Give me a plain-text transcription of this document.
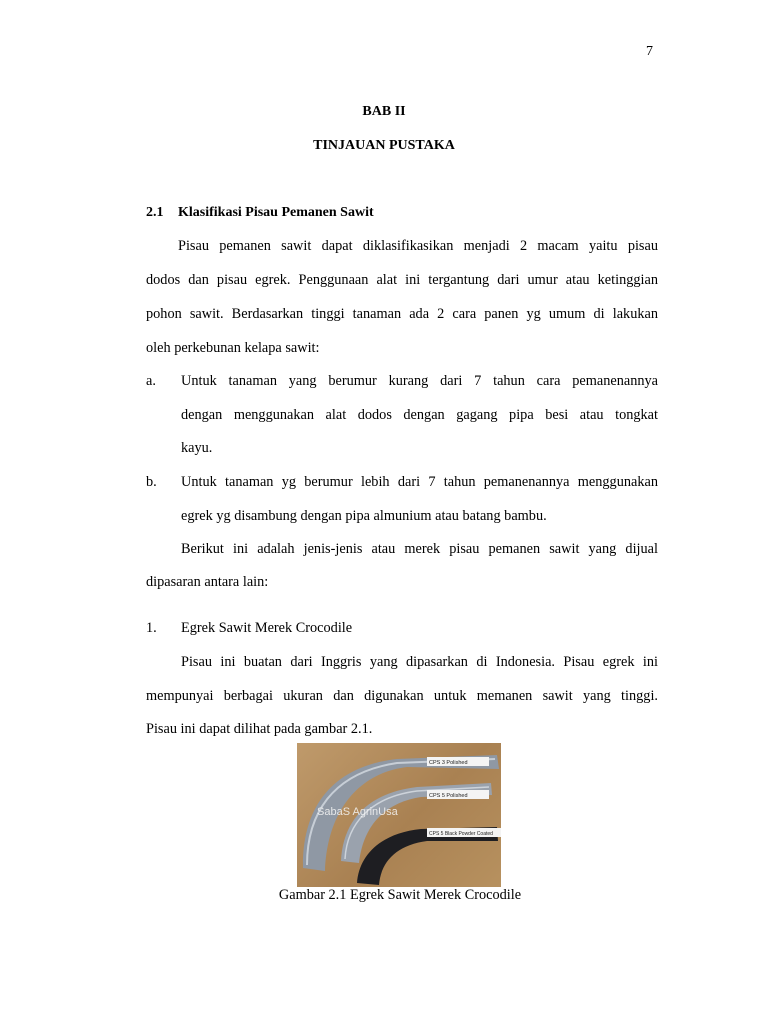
7
BAB II
TINJAUAN PUSTAKA
2.1 Klasifikasi Pisau Pemanen Sawit
Pisau pemanen sawit dapat diklasifikasikan menjadi 2 macam yaitu pisau
dodos dan pisau egrek. Penggunaan alat ini tergantung dari umur atau ketinggian
pohon sawit. Berdasarkan tinggi tanaman ada 2 cara panen yg umum di lakukan
oleh perkebunan kelapa sawit:
a. Untuk tanaman yang berumur kurang dari 7 tahun cara pemanenannya
dengan menggunakan alat dodos dengan gagang pipa besi atau tongkat
kayu.
b. Untuk tanaman yg berumur lebih dari 7 tahun pemanenannya menggunakan
egrek yg disambung dengan pipa almunium atau batang bambu.
Berikut ini adalah jenis-jenis atau merek pisau pemanen sawit yang dijual
dipasaran antara lain:
1. Egrek Sawit Merek Crocodile
Pisau ini buatan dari Inggris yang dipasarkan di Indonesia. Pisau egrek ini
mempunyai berbagai ukuran dan digunakan untuk memanen sawit yang tinggi.
Pisau ini dapat dilihat pada gambar 2.1.
CPS 3 Polished
CPS 5 Polished
CPS 5 Black Powder Coated
SabaS AgrinUsa
Gambar 2.1 Egrek Sawit Merek Crocodile
